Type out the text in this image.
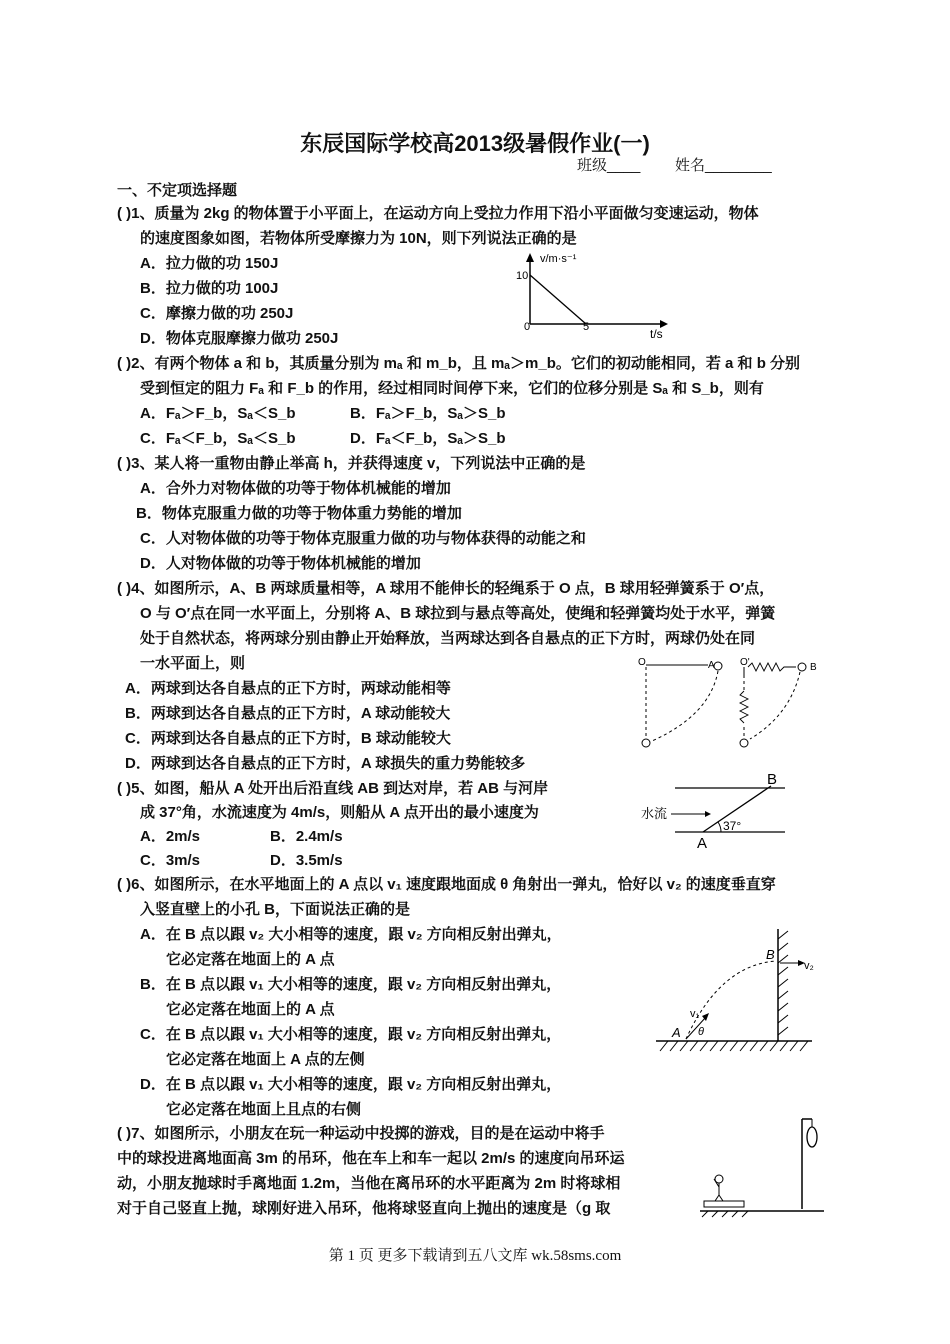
东辰国际学校高2013级暑假作业(一)
班级____ 姓名________
一、不定项选择题
( )1、质量为 2kg 的物体置于小平面上，在运动方向上受拉力作用下沿小平面做匀变速运动，物体
的速度图象如图，若物体所受摩擦力为 10N，则下列说法正确的是
A．拉力做的功 150J
B．拉力做的功 100J
C．摩擦力做的功 250J
D．物体克服摩擦力做功 250J
v/m·s⁻¹
t/s
10
5
0
( )2、有两个物体 a 和 b，其质量分别为 mₐ 和 m_b，且 mₐ＞m_b。它们的初动能相同，若 a 和 b 分别
受到恒定的阻力 Fₐ 和 F_b 的作用，经过相同时间停下来，它们的位移分别是 Sₐ 和 S_b，则有
A．Fₐ＞F_b，Sₐ＜S_b	B．Fₐ＞F_b，Sₐ＞S_b
C．Fₐ＜F_b，Sₐ＜S_b	D．Fₐ＜F_b，Sₐ＞S_b
( )3、某人将一重物由静止举高 h，并获得速度 v，下列说法中正确的是
A．合外力对物体做的功等于物体机械能的增加
B．物体克服重力做的功等于物体重力势能的增加
C．人对物体做的功等于物体克服重力做的功与物体获得的动能之和
D．人对物体做的功等于物体机械能的增加
( )4、如图所示，A、B 两球质量相等，A 球用不能伸长的轻绳系于 O 点，B 球用轻弹簧系于 O′点，
O 与 O′点在同一水平面上，分别将 A、B 球拉到与悬点等高处，使绳和轻弹簧均处于水平，弹簧
处于自然状态，将两球分别由静止开始释放，当两球达到各自悬点的正下方时，两球仍处在同
一水平面上，则
A．两球到达各自悬点的正下方时，两球动能相等
B．两球到达各自悬点的正下方时，A 球动能较大
C．两球到达各自悬点的正下方时，B 球动能较大
D．两球到达各自悬点的正下方时，A 球损失的重力势能较多
O	A	O'	B
( )5、如图，船从 A 处开出后沿直线 AB 到达对岸，若 AB 与河岸
成 37°角，水流速度为 4m/s，则船从 A 点开出的最小速度为
A．2m/s	B．2.4m/s
C．3m/s	D．3.5m/s
B
A
水流
37°
( )6、如图所示，在水平地面上的 A 点以 v₁ 速度跟地面成 θ 角射出一弹丸，恰好以 v₂ 的速度垂直穿
入竖直壁上的小孔 B，下面说法正确的是
A．在 B 点以跟 v₂ 大小相等的速度，跟 v₂ 方向相反射出弹丸，
它必定落在地面上的 A 点
B．在 B 点以跟 v₁ 大小相等的速度，跟 v₂ 方向相反射出弹丸，
它必定落在地面上的 A 点
C．在 B 点以跟 v₁ 大小相等的速度，跟 v₂ 方向相反射出弹丸，
它必定落在地面上 A 点的左侧
D．在 B 点以跟 v₁ 大小相等的速度，跟 v₂ 方向相反射出弹丸，
它必定落在地面上且点的右侧
B
v₂
v₁
A θ
( )7、如图所示，小朋友在玩一种运动中投掷的游戏，目的是在运动中将手
中的球投进离地面高 3m 的吊环，他在车上和车一起以 2m/s 的速度向吊环运
动，小朋友抛球时手离地面 1.2m，当他在离吊环的水平距离为 2m 时将球相
对于自己竖直上抛，球刚好进入吊环，他将球竖直向上抛出的速度是（g 取
第 1 页 更多下载请到五八文库 wk.58sms.com
